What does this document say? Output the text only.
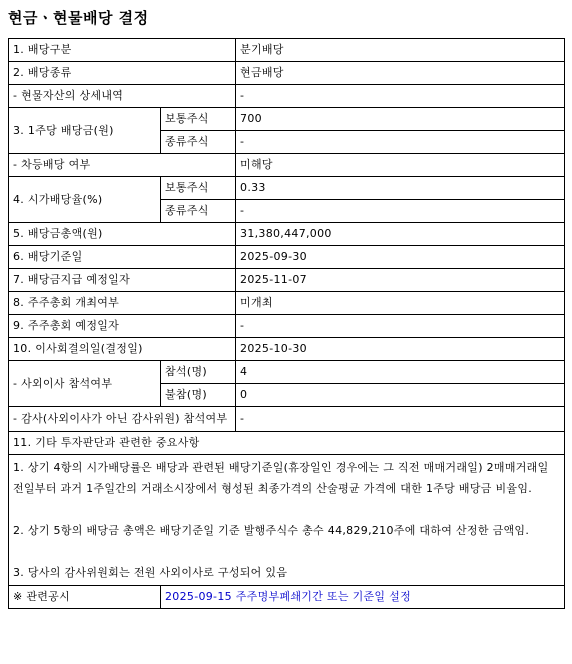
현금ㆍ현물배당 결정
1. 배당구분		분기배당
2. 배당종류		현금배당
- 현물자산의 상세내역		-
3. 1주당 배당금(원)	보통주식	700
	종류주식	-
- 차등배당 여부		미해당
4. 시가배당율(%)	보통주식	0.33
	종류주식	-
5. 배당금총액(원)		31,380,447,000
6. 배당기준일		2025-09-30
7. 배당금지급 예정일자		2025-11-07
8. 주주총회 개최여부		미개최
9. 주주총회 예정일자		-
10. 이사회결의일(결정일)		2025-10-30
- 사외이사 참석여부	참석(명)	4
	불참(명)	0
- 감사(사외이사가 아닌 감사위원) 참석여부		-
11. 기타 투자판단과 관련한 중요사항		

1. 상기 4항의 시가배당률은 배당과 관련된 배당기준일(휴장일인 경우에는 그 직전 매매거래일) 2매매거래일 전일부터 과거 1주일간의 거래소시장에서 형성된 최종가격의 산술평균 가격에 대한 1주당 배당금 비율임.
2. 상기 5항의 배당금 총액은 배당기준일 기준 발행주식수 총수 44,829,210주에 대하여 산정한 금액임.
3. 당사의 감사위원회는 전원 사외이사로 구성되어 있음		

※ 관련공시	2025-09-15 주주명부폐쇄기간 또는 기준일 설정	
